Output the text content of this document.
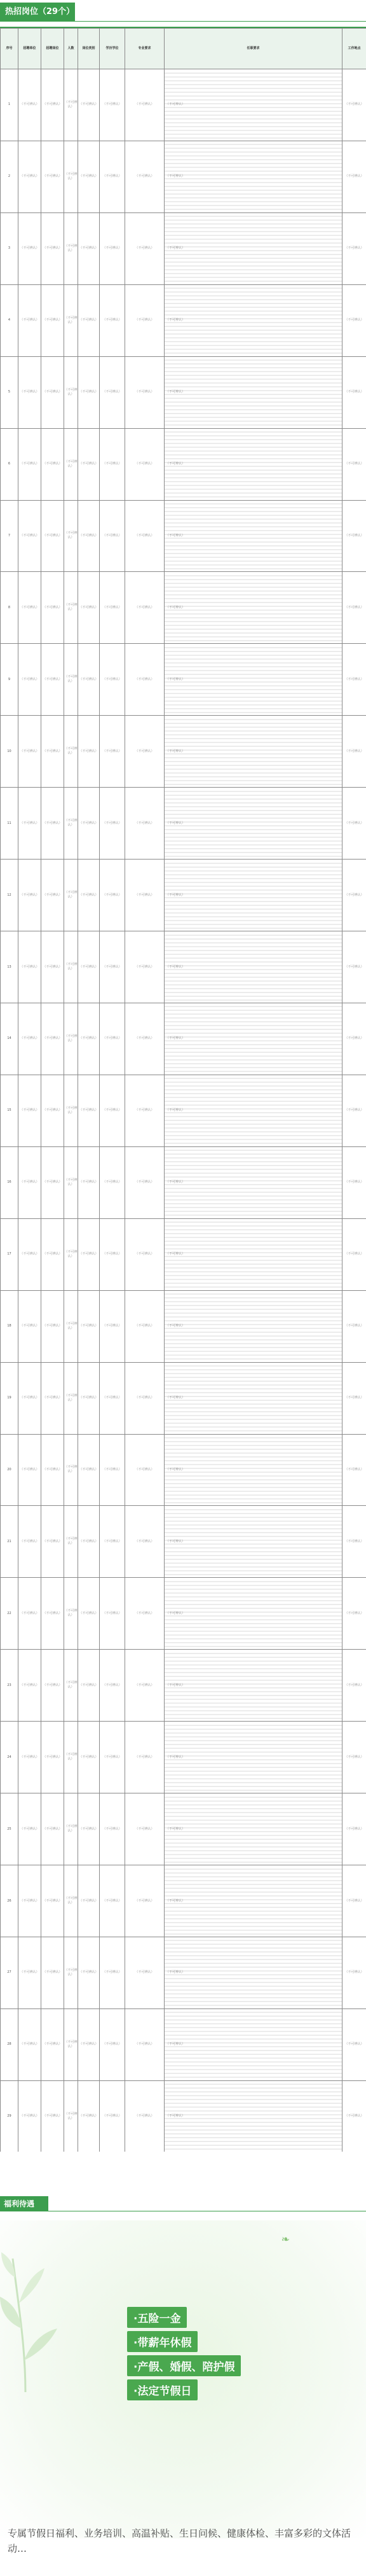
热招岗位（29个）
序号	招聘单位	招聘岗位	人数	岗位类别	学历学位	专业要求	任职要求	工作地点
1	（不可辨认）	（不可辨认）	（不可辨认）	（不可辨认）	（不可辨认）	（不可辨认）	（不可辨认）	（不可辨认）

2	（不可辨认）	（不可辨认）	（不可辨认）	（不可辨认）	（不可辨认）	（不可辨认）	（不可辨认）	（不可辨认）

3	（不可辨认）	（不可辨认）	（不可辨认）	（不可辨认）	（不可辨认）	（不可辨认）	（不可辨认）	（不可辨认）

4	（不可辨认）	（不可辨认）	（不可辨认）	（不可辨认）	（不可辨认）	（不可辨认）	（不可辨认）	（不可辨认）

5	（不可辨认）	（不可辨认）	（不可辨认）	（不可辨认）	（不可辨认）	（不可辨认）	（不可辨认）	（不可辨认）

6	（不可辨认）	（不可辨认）	（不可辨认）	（不可辨认）	（不可辨认）	（不可辨认）	（不可辨认）	（不可辨认）

7	（不可辨认）	（不可辨认）	（不可辨认）	（不可辨认）	（不可辨认）	（不可辨认）	（不可辨认）	（不可辨认）

8	（不可辨认）	（不可辨认）	（不可辨认）	（不可辨认）	（不可辨认）	（不可辨认）	（不可辨认）	（不可辨认）

9	（不可辨认）	（不可辨认）	（不可辨认）	（不可辨认）	（不可辨认）	（不可辨认）	（不可辨认）	（不可辨认）

10	（不可辨认）	（不可辨认）	（不可辨认）	（不可辨认）	（不可辨认）	（不可辨认）	（不可辨认）	（不可辨认）

11	（不可辨认）	（不可辨认）	（不可辨认）	（不可辨认）	（不可辨认）	（不可辨认）	（不可辨认）	（不可辨认）

12	（不可辨认）	（不可辨认）	（不可辨认）	（不可辨认）	（不可辨认）	（不可辨认）	（不可辨认）	（不可辨认）

13	（不可辨认）	（不可辨认）	（不可辨认）	（不可辨认）	（不可辨认）	（不可辨认）	（不可辨认）	（不可辨认）

14	（不可辨认）	（不可辨认）	（不可辨认）	（不可辨认）	（不可辨认）	（不可辨认）	（不可辨认）	（不可辨认）

15	（不可辨认）	（不可辨认）	（不可辨认）	（不可辨认）	（不可辨认）	（不可辨认）	（不可辨认）	（不可辨认）

16	（不可辨认）	（不可辨认）	（不可辨认）	（不可辨认）	（不可辨认）	（不可辨认）	（不可辨认）	（不可辨认）

17	（不可辨认）	（不可辨认）	（不可辨认）	（不可辨认）	（不可辨认）	（不可辨认）	（不可辨认）	（不可辨认）

18	（不可辨认）	（不可辨认）	（不可辨认）	（不可辨认）	（不可辨认）	（不可辨认）	（不可辨认）	（不可辨认）

19	（不可辨认）	（不可辨认）	（不可辨认）	（不可辨认）	（不可辨认）	（不可辨认）	（不可辨认）	（不可辨认）

20	（不可辨认）	（不可辨认）	（不可辨认）	（不可辨认）	（不可辨认）	（不可辨认）	（不可辨认）	（不可辨认）

21	（不可辨认）	（不可辨认）	（不可辨认）	（不可辨认）	（不可辨认）	（不可辨认）	（不可辨认）	（不可辨认）

22	（不可辨认）	（不可辨认）	（不可辨认）	（不可辨认）	（不可辨认）	（不可辨认）	（不可辨认）	（不可辨认）

23	（不可辨认）	（不可辨认）	（不可辨认）	（不可辨认）	（不可辨认）	（不可辨认）	（不可辨认）	（不可辨认）

24	（不可辨认）	（不可辨认）	（不可辨认）	（不可辨认）	（不可辨认）	（不可辨认）	（不可辨认）	（不可辨认）

25	（不可辨认）	（不可辨认）	（不可辨认）	（不可辨认）	（不可辨认）	（不可辨认）	（不可辨认）	（不可辨认）

26	（不可辨认）	（不可辨认）	（不可辨认）	（不可辨认）	（不可辨认）	（不可辨认）	（不可辨认）	（不可辨认）

27	（不可辨认）	（不可辨认）	（不可辨认）	（不可辨认）	（不可辨认）	（不可辨认）	（不可辨认）	（不可辨认）

28	（不可辨认）	（不可辨认）	（不可辨认）	（不可辨认）	（不可辨认）	（不可辨认）	（不可辨认）	（不可辨认）

29	（不可辨认）	（不可辨认）	（不可辨认）	（不可辨认）	（不可辨认）	（不可辨认）	（不可辨认）	（不可辨认）
福利待遇
❧
·五险一金
·带薪年休假
·产假、婚假、陪护假
·法定节假日

专属节假日福利、业务培训、高温补贴、生日问候、健康体检、丰富多彩的文体活动…
